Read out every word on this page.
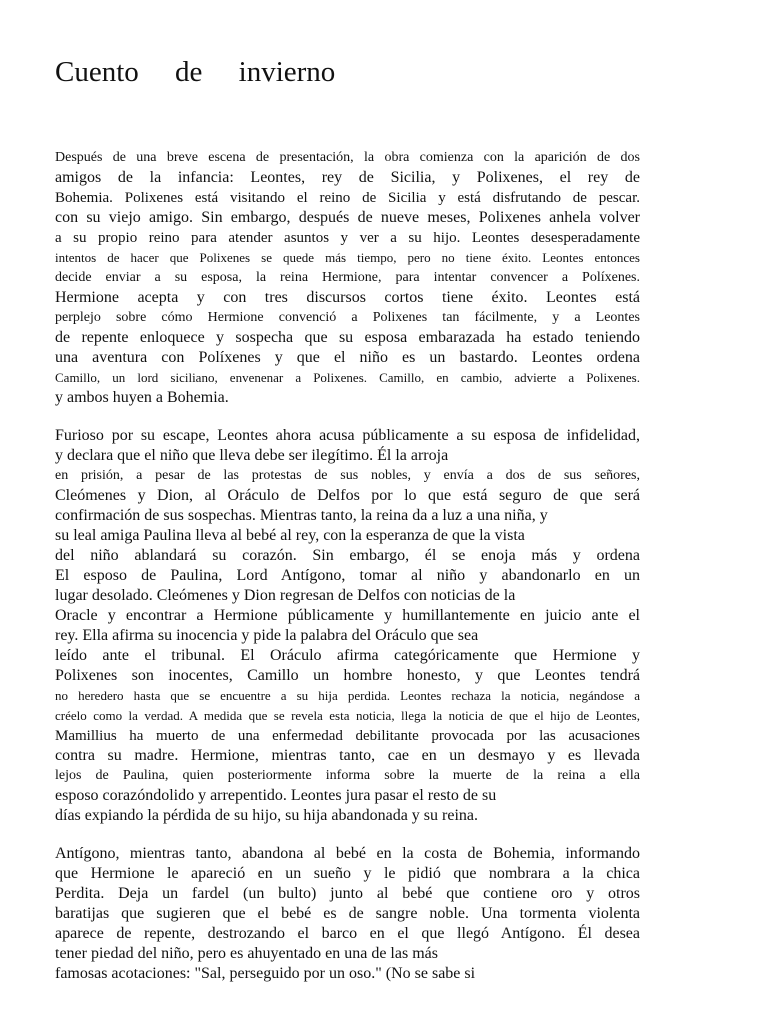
Cuento     de     invierno
Después de una breve escena de presentación, la obra comienza con la aparición de dos
amigos de la infancia: Leontes, rey de Sicilia, y Polixenes, el rey de
Bohemia. Polixenes está visitando el reino de Sicilia y está disfrutando de pescar.
con su viejo amigo. Sin embargo, después de nueve meses, Polixenes anhela volver
a su propio reino para atender asuntos y ver a su hijo. Leontes desesperadamente
intentos de hacer que Polixenes se quede más tiempo, pero no tiene éxito. Leontes entonces
decide enviar a su esposa, la reina Hermione, para intentar convencer a Políxenes.
Hermione acepta y con tres discursos cortos tiene éxito. Leontes está
perplejo sobre cómo Hermione convenció a Polixenes tan fácilmente, y a Leontes
de repente enloquece y sospecha que su esposa embarazada ha estado teniendo
una aventura con Políxenes y que el niño es un bastardo. Leontes ordena
Camillo, un lord siciliano, envenenar a Polixenes. Camillo, en cambio, advierte a Polixenes.
y ambos huyen a Bohemia.
Furioso por su escape, Leontes ahora acusa públicamente a su esposa de infidelidad,
y declara que el niño que lleva debe ser ilegítimo. Él la arroja
en prisión, a pesar de las protestas de sus nobles, y envía a dos de sus señores,
Cleómenes y Dion, al Oráculo de Delfos por lo que está seguro de que será
confirmación de sus sospechas. Mientras tanto, la reina da a luz a una niña, y
su leal amiga Paulina lleva al bebé al rey, con la esperanza de que la vista
del niño ablandará su corazón. Sin embargo, él se enoja más y ordena
El esposo de Paulina, Lord Antígono, tomar al niño y abandonarlo en un
lugar desolado. Cleómenes y Dion regresan de Delfos con noticias de la
Oracle y encontrar a Hermione públicamente y humillantemente en juicio ante el
rey. Ella afirma su inocencia y pide la palabra del Oráculo que sea
leído ante el tribunal. El Oráculo afirma categóricamente que Hermione y
Polixenes son inocentes, Camillo un hombre honesto, y que Leontes tendrá
no heredero hasta que se encuentre a su hija perdida. Leontes rechaza la noticia, negándose a
créelo como la verdad. A medida que se revela esta noticia, llega la noticia de que el hijo de Leontes,
Mamillius ha muerto de una enfermedad debilitante provocada por las acusaciones
contra su madre. Hermione, mientras tanto, cae en un desmayo y es llevada
lejos de Paulina, quien posteriormente informa sobre la muerte de la reina a ella
esposo corazóndolido y arrepentido. Leontes jura pasar el resto de su
días expiando la pérdida de su hijo, su hija abandonada y su reina.
Antígono, mientras tanto, abandona al bebé en la costa de Bohemia, informando
que Hermione le apareció en un sueño y le pidió que nombrara a la chica
Perdita. Deja un fardel (un bulto) junto al bebé que contiene oro y otros
baratijas que sugieren que el bebé es de sangre noble. Una tormenta violenta
aparece de repente, destrozando el barco en el que llegó Antígono. Él desea
tener piedad del niño, pero es ahuyentado en una de las más
famosas acotaciones: "Sal, perseguido por un oso." (No se sabe si
